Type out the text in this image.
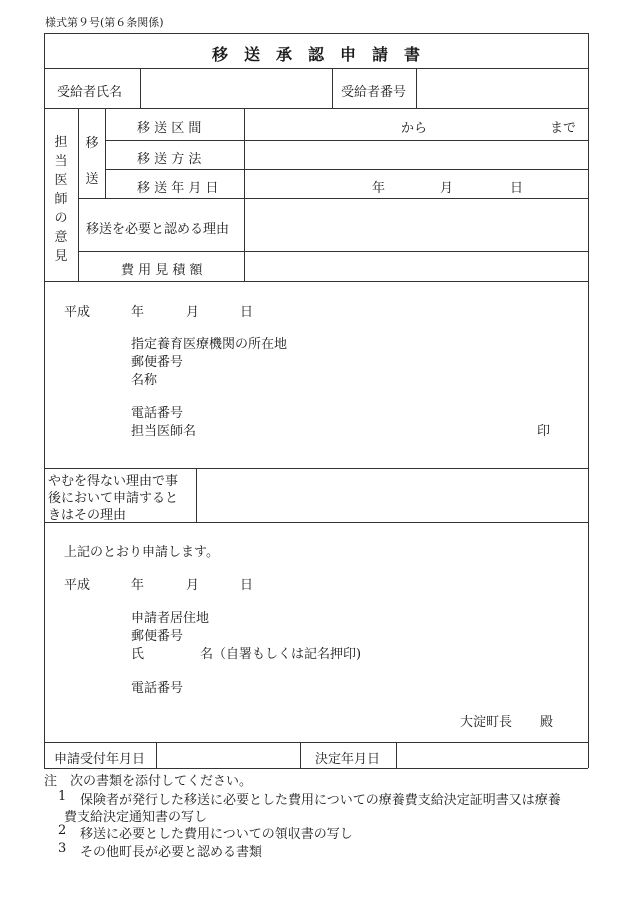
様式第９号(第６条関係)
移送承認申請書
受給者氏名	受給者番号
担当医師の意見
移送
移 送 区 間	から	まで
移 送 方 法
移 送 年 月 日	年	月	日
移送を必要と認める理由
費 用 見 積 額
平成	年	月	日
指定養育医療機関の所在地
郵便番号
名称
電話番号
担当医師名	印
やむを得ない理由で事
後において申請すると
きはその理由
上記のとおり申請します。
平成	年	月	日
申請者居住地
郵便番号
氏	名（自署もしくは記名押印)
電話番号
大淀町長 殿
申請受付年月日	決定年月日
注　次の書類を添付してください。
1 保険者が発行した移送に必要とした費用についての療養費支給決定証明書又は療養
費支給決定通知書の写し
2 移送に必要とした費用についての領収書の写し
3 その他町長が必要と認める書類
